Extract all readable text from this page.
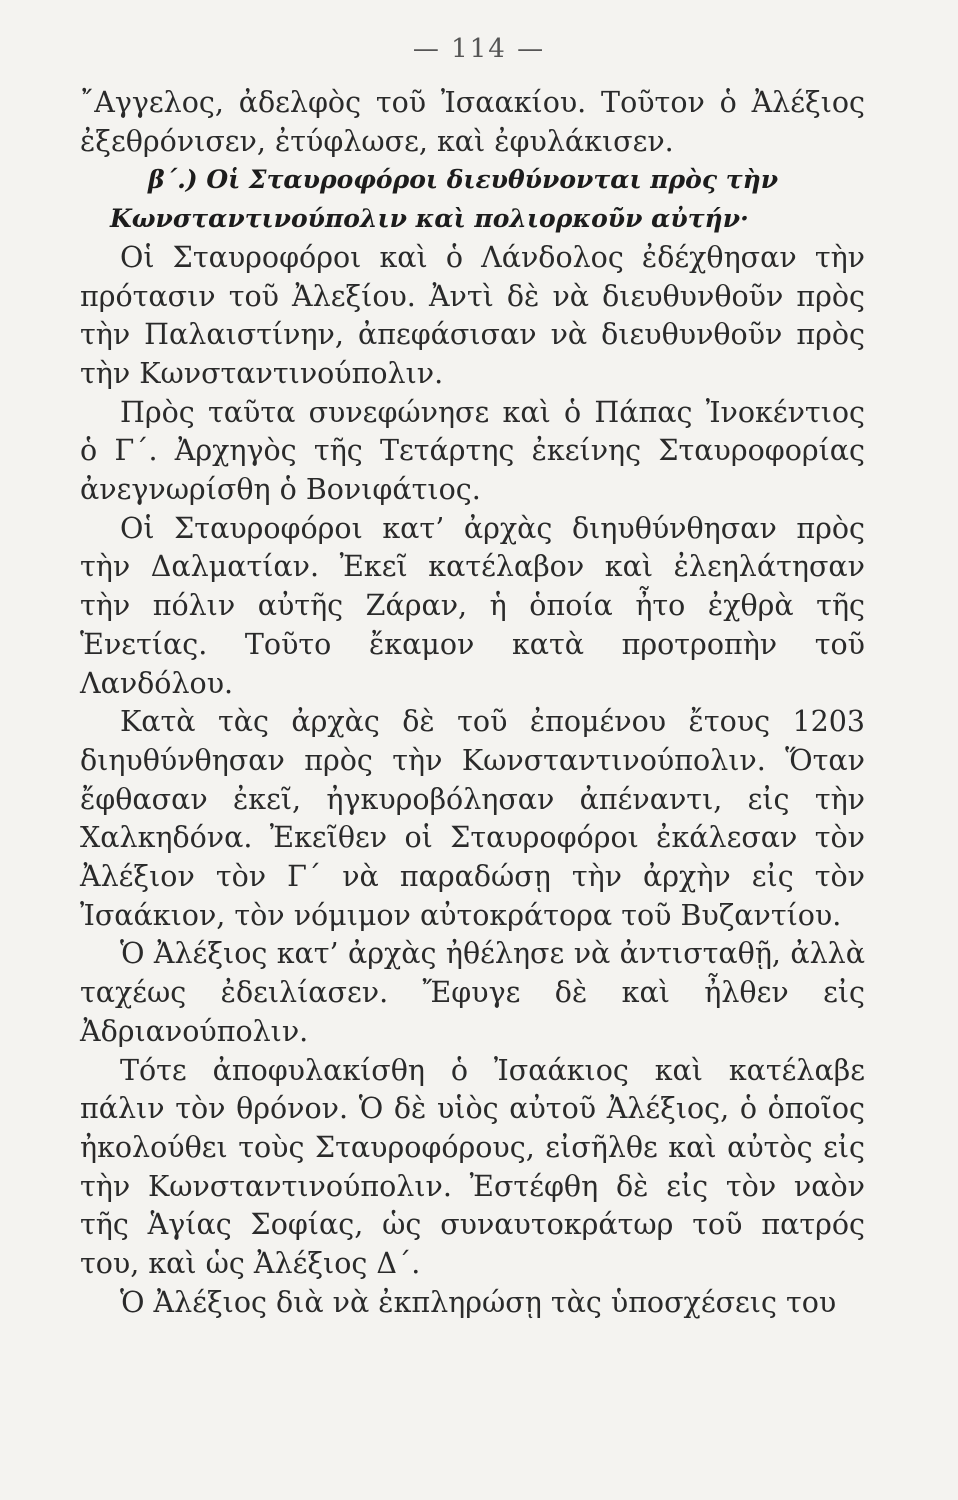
— 114 —

῎Αγγελος, ἀδελφὸς τοῦ Ἰσαακίου. Τοῦτον ὁ Ἀλέξιος ἐξεθρόνισεν, ἐτύφλωσε, καὶ ἐφυλάκισεν.

β΄.) Οἱ Σταυροφόροι διευθύνονται πρὸς τὴν
Κωνσταντινούπολιν καὶ πολιορκοῦν αὐτήν·

Οἱ Σταυροφόροι καὶ ὁ Λάνδολος ἐδέχθησαν τὴν πρότασιν τοῦ Ἀλεξίου. Ἀντὶ δὲ νὰ διευθυνθοῦν πρὸς τὴν Παλαιστίνην, ἀπεφάσισαν νὰ διευθυνθοῦν πρὸς τὴν Κωνσταντινούπολιν.

Πρὸς ταῦτα συνεφώνησε καὶ ὁ Πάπας Ἰνοκέντιος ὁ Γ΄. Ἀρχηγὸς τῆς Τετάρτης ἐκείνης Σταυροφορίας ἀνεγνωρίσθη ὁ Βονιφάτιος.

Οἱ Σταυροφόροι κατ’ ἀρχὰς διηυθύνθησαν πρὸς τὴν Δαλματίαν. Ἐκεῖ κατέλαβον καὶ ἐλεηλάτησαν τὴν πόλιν αὐτῆς Ζάραν, ἡ ὁποία ἦτο ἐχθρὰ τῆς Ἑνετίας. Τοῦτο ἔκαμον κατὰ προτροπὴν τοῦ Λανδόλου.

Κατὰ τὰς ἀρχὰς δὲ τοῦ ἐπομένου ἔτους 1203 διηυθύνθησαν πρὸς τὴν Κωνσταντινούπολιν. Ὅταν ἔφθασαν ἐκεῖ, ἠγκυροβόλησαν ἀπέναντι, εἰς τὴν Χαλκηδόνα. Ἐκεῖθεν οἱ Σταυροφόροι ἐκάλεσαν τὸν Ἀλέξιον τὸν Γ΄ νὰ παραδώσῃ τὴν ἀρχὴν εἰς τὸν Ἰσαάκιον, τὸν νόμιμον αὐτοκράτορα τοῦ Βυζαντίου.

Ὁ Ἀλέξιος κατ’ ἀρχὰς ἠθέλησε νὰ ἀντισταθῇ, ἀλλὰ ταχέως ἐδειλίασεν. Ἔφυγε δὲ καὶ ἦλθεν εἰς Ἀδριανούπολιν.

Τότε ἀποφυλακίσθη ὁ Ἰσαάκιος καὶ κατέλαβε πάλιν τὸν θρόνον. Ὁ δὲ υἱὸς αὐτοῦ Ἀλέξιος, ὁ ὁποῖος ἠκολούθει τοὺς Σταυροφόρους, εἰσῆλθε καὶ αὐτὸς εἰς τὴν Κωνσταντινούπολιν. Ἐστέφθη δὲ εἰς τὸν ναὸν τῆς Ἁγίας Σοφίας, ὡς συναυτοκράτωρ τοῦ πατρός του, καὶ ὡς Ἀλέξιος Δ΄.

Ὁ Ἀλέξιος διὰ νὰ ἐκπληρώσῃ τὰς ὑποσχέσεις του
